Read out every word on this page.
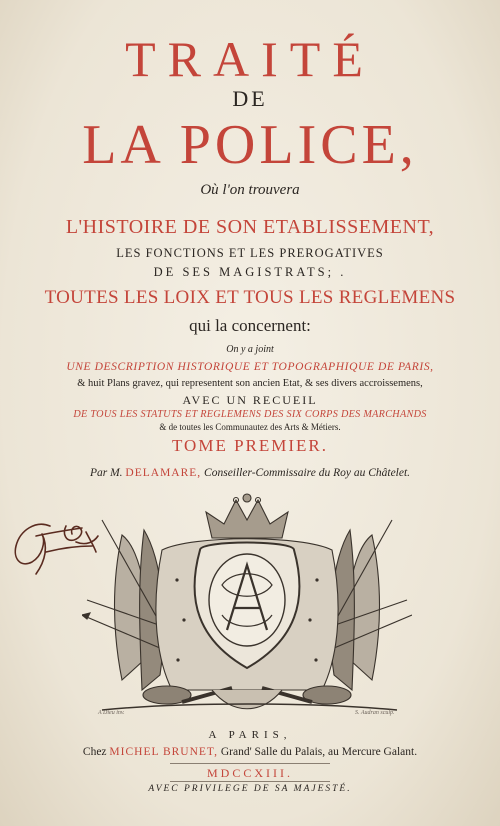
TRAITÉ
DE
LA POLICE,
Où l'on trouvera
L'HISTOIRE DE SON ETABLISSEMENT,
LES FONCTIONS ET LES PREROGATIVES
DE SES MAGISTRATS; .
TOUTES LES LOIX ET TOUS LES REGLEMENS
qui la concernent:
On y a joint
UNE DESCRIPTION HISTORIQUE ET TOPOGRAPHIQUE DE PARIS,
& huit Plans gravez, qui representent son ancien Etat, & ses divers accroissemens,
AVEC UN RECUEIL
DE TOUS LES STATUTS ET REGLEMENS DES SIX CORPS DES MARCHANDS
& de toutes les Communautez des Arts & Métiers.
TOME PREMIER.
Par M. DELAMARE, Conseiller-Commissaire du Roy au Châtelet.
A Dieu inv.	S. Audran sculp.
A PARIS,
Chez MICHEL BRUNET, Grand' Salle du Palais, au Mercure Galant.
MDCCXIII.
AVEC PRIVILEGE DE SA MAJESTÉ.
